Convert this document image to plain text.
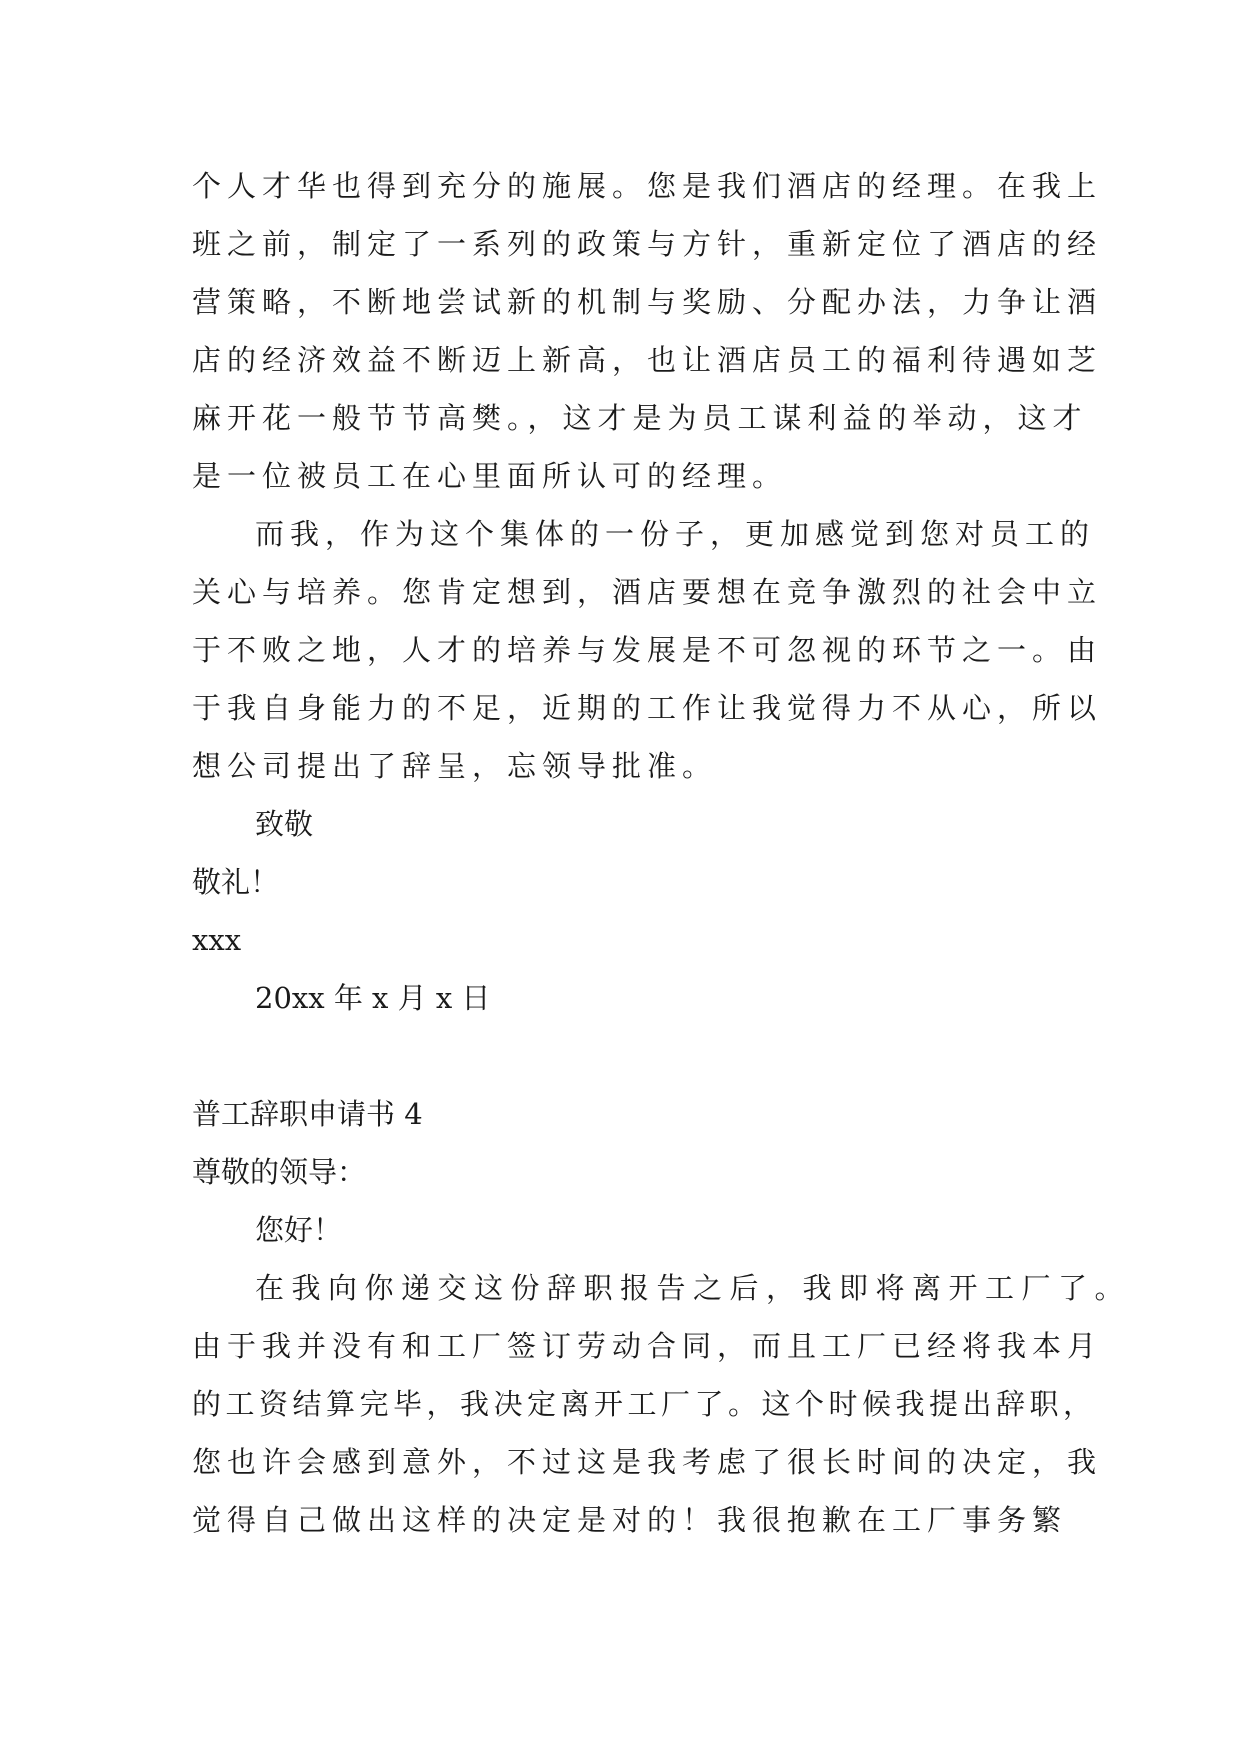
个人才华也得到充分的施展。您是我们酒店的经理。在我上

班之前，制定了一系列的政策与方针，重新定位了酒店的经

营策略，不断地尝试新的机制与奖励、分配办法，力争让酒

店的经济效益不断迈上新高，也让酒店员工的福利待遇如芝

麻开花一般节节高樊。，这才是为员工谋利益的举动，这才

是一位被员工在心里面所认可的经理。

而我，作为这个集体的一份子，更加感觉到您对员工的

关心与培养。您肯定想到，酒店要想在竞争激烈的社会中立

于不败之地，人才的培养与发展是不可忽视的环节之一。由

于我自身能力的不足，近期的工作让我觉得力不从心，所以

想公司提出了辞呈，忘领导批准。

致敬

敬礼！

xxx

20xx 年 x 月 x 日

普工辞职申请书 4

尊敬的领导：

您好！

在我向你递交这份辞职报告之后，我即将离开工厂了。

由于我并没有和工厂签订劳动合同，而且工厂已经将我本月

的工资结算完毕，我决定离开工厂了。这个时候我提出辞职，

您也许会感到意外，不过这是我考虑了很长时间的决定，我

觉得自己做出这样的决定是对的！我很抱歉在工厂事务繁
